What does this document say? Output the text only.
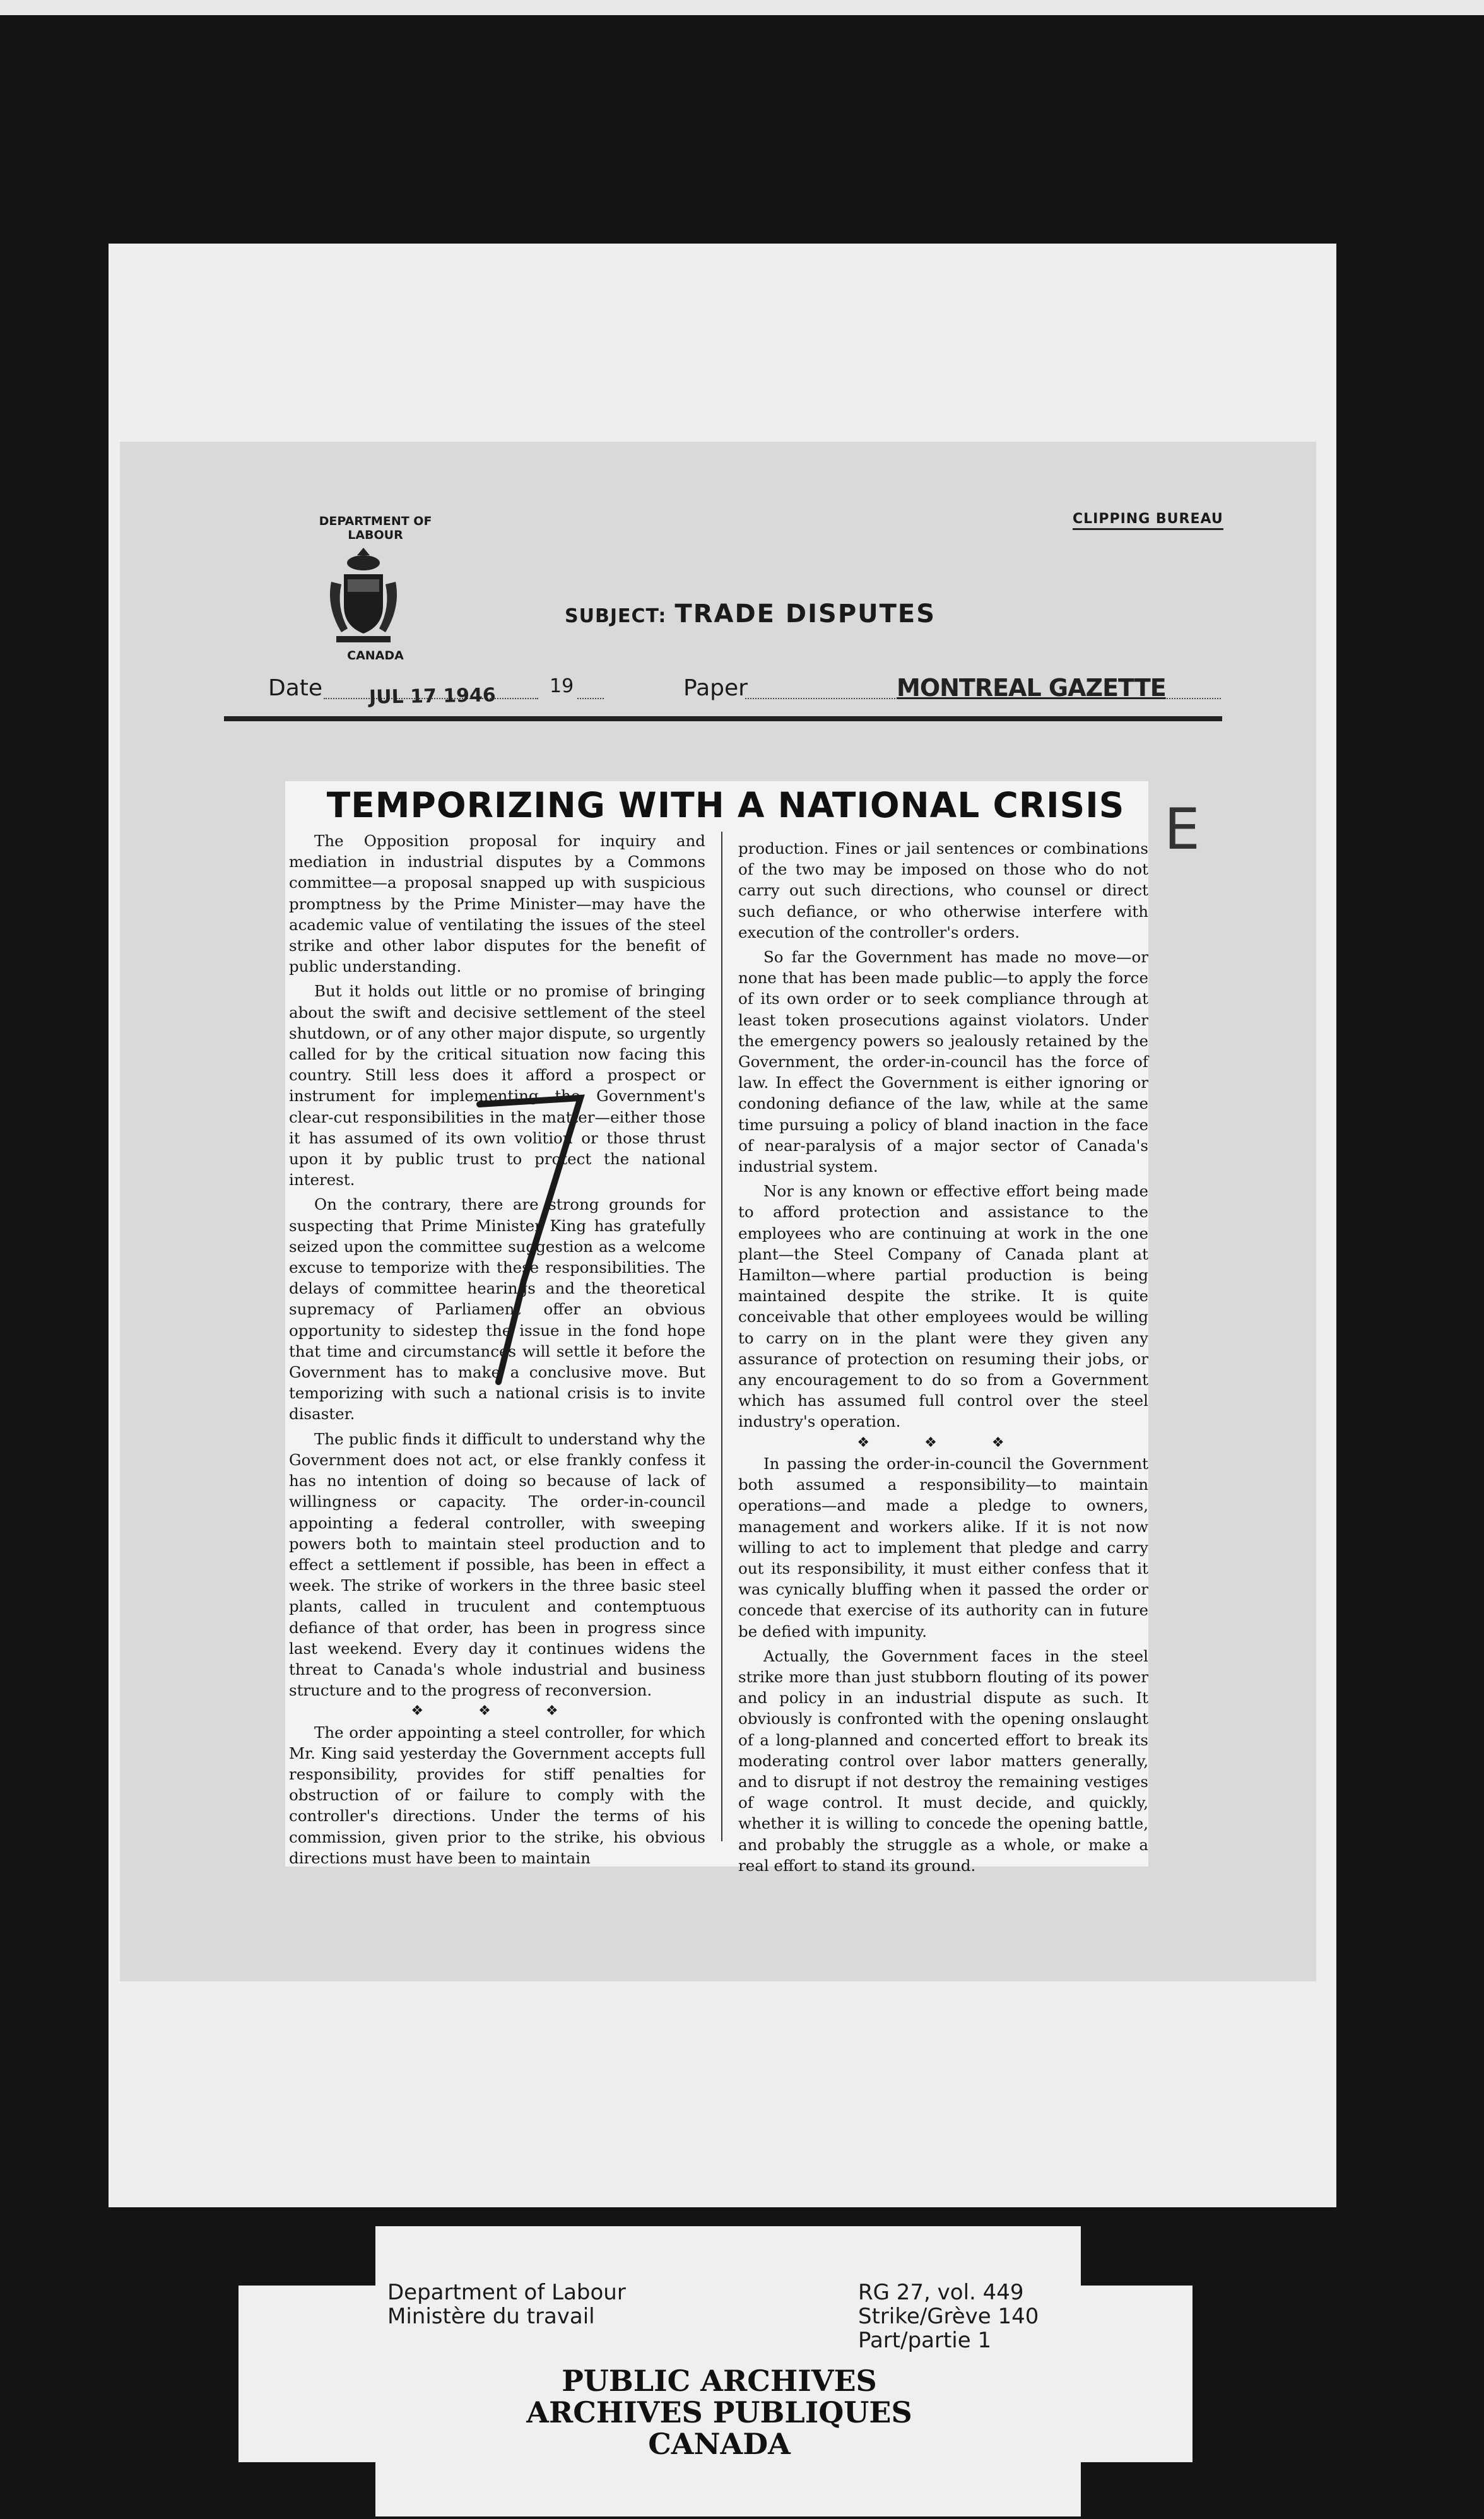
DEPARTMENT OF LABOUR
CANADA
CLIPPING BUREAU
SUBJECT: TRADE DISPUTES
Date JUL 17 1946	19	Paper	MONTREAL GAZETTE
TEMPORIZING WITH A NATIONAL CRISIS E

The Opposition proposal for inquiry and mediation in industrial disputes by a Commons committee—a proposal snapped up with suspicious promptness by the Prime Minister—may have the academic value of ventilating the issues of the steel strike and other labor disputes for the benefit of public understanding.

But it holds out little or no promise of bringing about the swift and decisive settlement of the steel shutdown, or of any other major dispute, so urgently called for by the critical situation now facing this country. Still less does it afford a prospect or instrument for implementing the Government's clear-cut responsibilities in the matter—either those it has assumed of its own volition or those thrust upon it by public trust to protect the national interest.

On the contrary, there are strong grounds for suspecting that Prime Minister King has gratefully seized upon the committee suggestion as a welcome excuse to temporize with these responsibilities. The delays of committee hearings and the theoretical supremacy of Parliament offer an obvious opportunity to sidestep the issue in the fond hope that time and circumstances will settle it before the Government has to make a conclusive move. But temporizing with such a national crisis is to invite disaster.

The public finds it difficult to understand why the Government does not act, or else frankly confess it has no intention of doing so because of lack of willingness or capacity. The order-in-council appointing a federal controller, with sweeping powers both to maintain steel production and to effect a settlement if possible, has been in effect a week. The strike of workers in the three basic steel plants, called in truculent and contemptuous defiance of that order, has been in progress since last weekend. Every day it continues widens the threat to Canada's whole industrial and business structure and to the progress of reconversion.

❖ ❖ ❖

The order appointing a steel controller, for which Mr. King said yesterday the Government accepts full responsibility, provides for stiff penalties for obstruction of or failure to comply with the controller's directions. Under the terms of his commission, given prior to the strike, his obvious directions must have been to maintain

production. Fines or jail sentences or combinations of the two may be imposed on those who do not carry out such directions, who counsel or direct such defiance, or who otherwise interfere with execution of the controller's orders.

So far the Government has made no move—or none that has been made public—to apply the force of its own order or to seek compliance through at least token prosecutions against violators. Under the emergency powers so jealously retained by the Government, the order-in-council has the force of law. In effect the Government is either ignoring or condoning defiance of the law, while at the same time pursuing a policy of bland inaction in the face of near-paralysis of a major sector of Canada's industrial system.

Nor is any known or effective effort being made to afford protection and assistance to the employees who are continuing at work in the one plant—the Steel Company of Canada plant at Hamilton—where partial production is being maintained despite the strike. It is quite conceivable that other employees would be willing to carry on in the plant were they given any assurance of protection on resuming their jobs, or any encouragement to do so from a Government which has assumed full control over the steel industry's operation.

❖ ❖ ❖

In passing the order-in-council the Government both assumed a responsibility—to maintain operations—and made a pledge to owners, management and workers alike. If it is not now willing to act to implement that pledge and carry out its responsibility, it must either confess that it was cynically bluffing when it passed the order or concede that exercise of its authority can in future be defied with impunity.

Actually, the Government faces in the steel strike more than just stubborn flouting of its power and policy in an industrial dispute as such. It obviously is confronted with the opening onslaught of a long-planned and concerted effort to break its moderating control over labor matters generally, and to disrupt if not destroy the remaining vestiges of wage control. It must decide, and quickly, whether it is willing to concede the opening battle, and probably the struggle as a whole, or make a real effort to stand its ground.

Department of Labour
Ministère du travail
RG 27, vol. 449
Strike/Grève 140
Part/partie 1
PUBLIC ARCHIVES
ARCHIVES PUBLIQUES
CANADA
